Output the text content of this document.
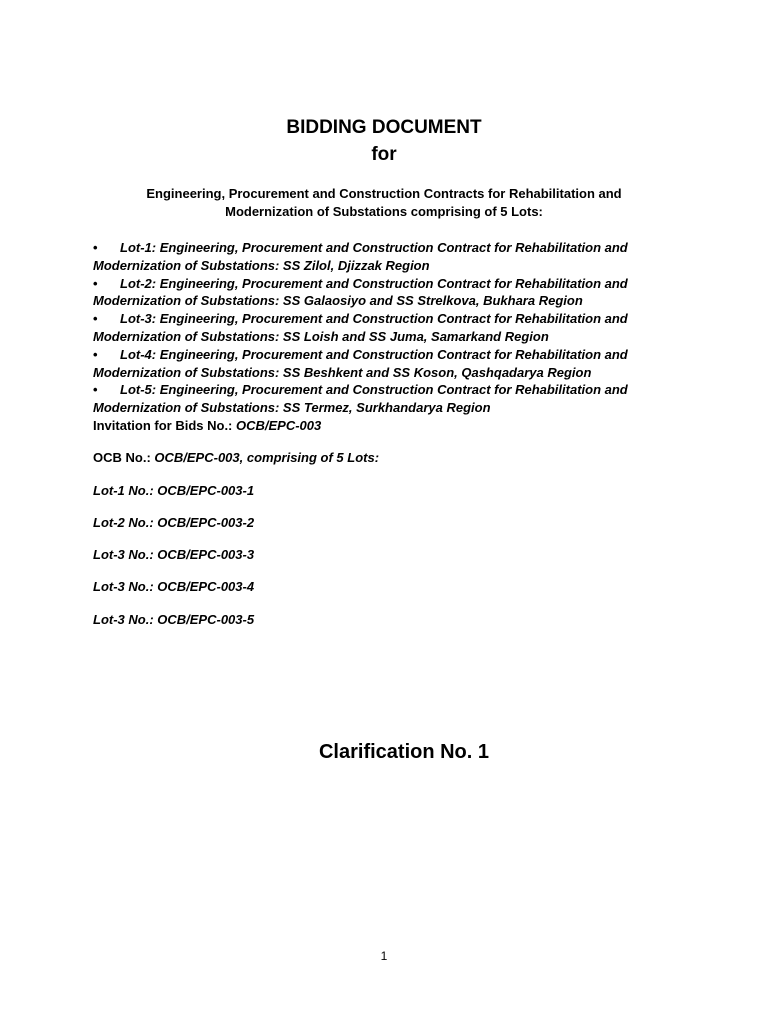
BIDDING DOCUMENT
for
Engineering, Procurement and Construction Contracts for Rehabilitation and Modernization of Substations comprising of 5 Lots:
• Lot-1: Engineering, Procurement and Construction Contract for Rehabilitation and
Modernization of Substations: SS Zilol, Djizzak Region
• Lot-2: Engineering, Procurement and Construction Contract for Rehabilitation and
Modernization of Substations: SS Galaosiyo and SS Strelkova, Bukhara Region
• Lot-3: Engineering, Procurement and Construction Contract for Rehabilitation and
Modernization of Substations: SS Loish and SS Juma, Samarkand Region
• Lot-4: Engineering, Procurement and Construction Contract for Rehabilitation and
Modernization of Substations: SS Beshkent and SS Koson, Qashqadarya Region
• Lot-5: Engineering, Procurement and Construction Contract for Rehabilitation and
Modernization of Substations: SS Termez, Surkhandarya Region
Invitation for Bids No.: OCB/EPC-003
OCB No.: OCB/EPC-003, comprising of 5 Lots:
Lot-1 No.: OCB/EPC-003-1
Lot-2 No.: OCB/EPC-003-2
Lot-3 No.: OCB/EPC-003-3
Lot-3 No.: OCB/EPC-003-4
Lot-3 No.: OCB/EPC-003-5
Clarification No. 1
1
